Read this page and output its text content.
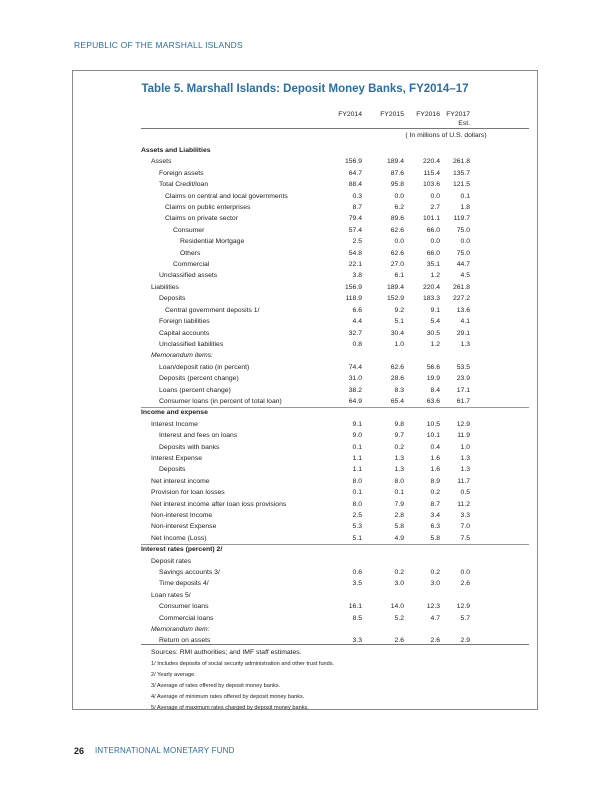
REPUBLIC OF THE MARSHALL ISLANDS
Table 5. Marshall Islands: Deposit Money Banks, FY2014–17
FY2014	FY2015	FY2016 FY2017
Est.
( In millions of U.S. dollars)
Assets and Liabilities
Assets	156.9	189.4	220.4	261.8
Foreign assets	64.7	87.6	115.4	135.7
Total Credit/loan	88.4	95.8	103.6	121.5
Claims on central and local governments	0.3	0.0	0.0	0.1
Claims on public enterprises	8.7	6.2	2.7	1.8
Claims on private sector	79.4	89.6	101.1	119.7
Consumer	57.4	62.6	66.0	75.0
Residential Mortgage	2.5	0.0	0.0	0.0
Others	54.8	62.6	66.0	75.0
Commercial	22.1	27.0	35.1	44.7
Unclassified assets	3.8	6.1	1.2	4.5
Liabilities	156.9	189.4	220.4	261.8
Deposits	118.9	152.9	183.3	227.2
Central government deposits 1/	6.6	9.2	9.1	13.6
Foreign liabilities	4.4	5.1	5.4	4.1
Capital accounts	32.7	30.4	30.5	29.1
Unclassified liabilities	0.8	1.0	1.2	1.3
Memorandum items:
Loan/deposit ratio (in percent)	74.4	62.6	56.6	53.5
Deposits (percent change)	31.0	28.6	19.9	23.9
Loans (percent change)	38.2	8.3	8.4	17.1
Consumer loans (in percent of total loan)	64.9	65.4	63.6	61.7
Income and expense
Interest Income	9.1	9.8	10.5	12.9
Interest and fees on loans	9.0	9.7	10.1	11.9
Deposits with banks	0.1	0.2	0.4	1.0
Interest Expense	1.1	1.3	1.6	1.3
Deposits	1.1	1.3	1.6	1.3
Net interest income	8.0	8.0	8.9	11.7
Provision for loan losses	0.1	0.1	0.2	0.5
Net interest income after loan loss provisions	8.0	7.9	8.7	11.2
Non-interest Income	2.5	2.8	3.4	3.3
Non-interest Expense	5.3	5.8	6.3	7.0
Net Income (Loss)	5.1	4.9	5.8	7.5
Interest rates (percent) 2/
Deposit rates
Savings accounts 3/	0.6	0.2	0.2	0.0
Time deposits 4/	3.5	3.0	3.0	2.6
Loan rates 5/
Consumer loans	16.1	14.0	12.3	12.9
Commercial loans	8.5	5.2	4.7	5.7
Memorandum item:
Return on assets	3.3	2.6	2.6	2.9
Sources: RMI authorities; and IMF staff estimates.
1/ Includes deposits of social security administration and other trust funds.
2/ Yearly average.
3/ Average of rates offered by deposit money banks.
4/ Average of minimum rates offered by deposit money banks.
5/ Average of maximum rates charged by deposit money banks.
26 INTERNATIONAL MONETARY FUND
